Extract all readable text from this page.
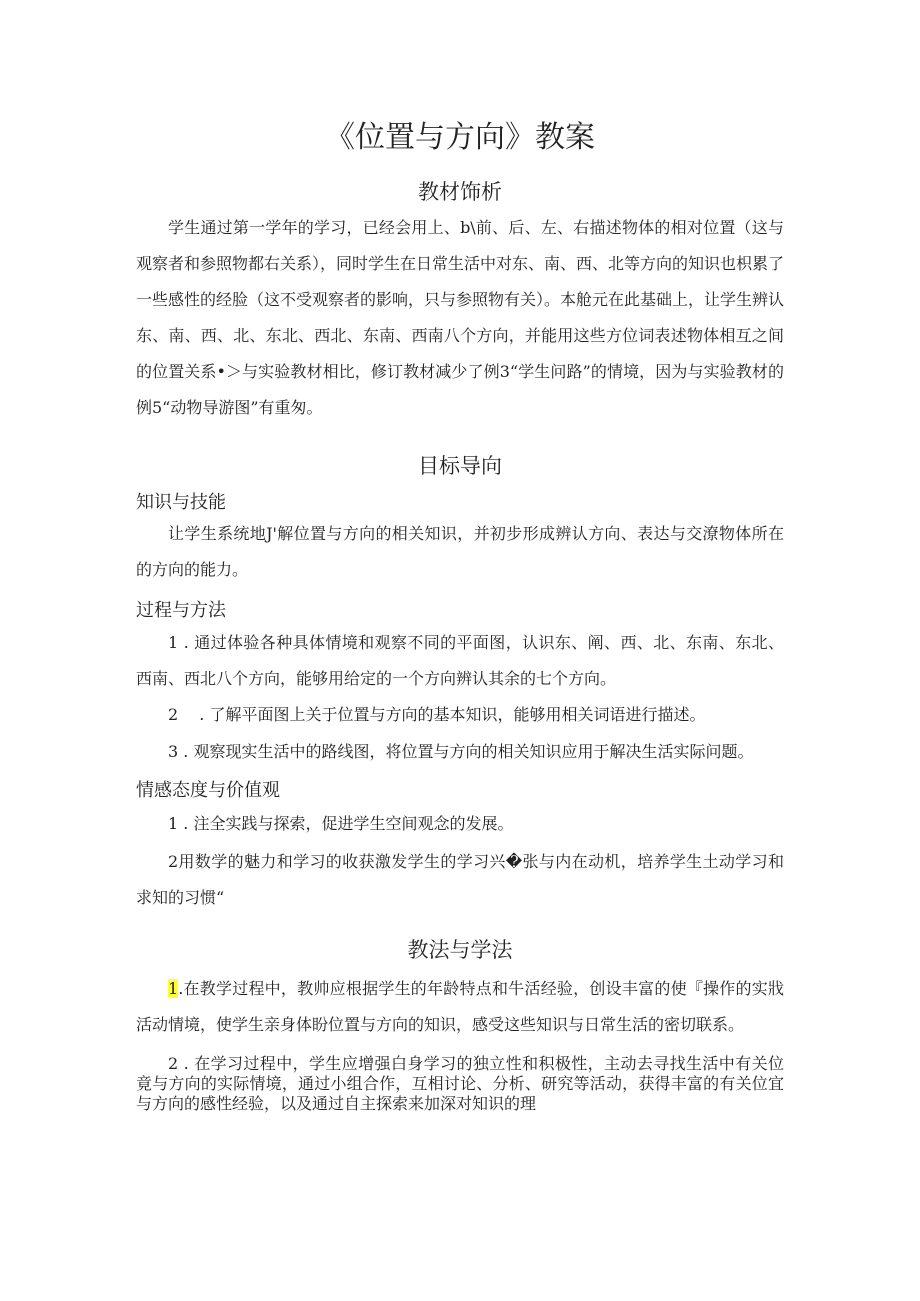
《位置与方向》教案
教材饰析
学生通过第一学年的学习，已经会用上、b\前、后、左、右描述物体的相对位置（这与观察者和参照物都右关系），同时学生在日常生活中对东、南、西、北等方向的知识也枳累了一些感性的经脸（这不受观察者的影响，只与参照物有关）。本舱元在此基础上，让学生辨认东、南、西、北、东北、西北、东南、西南八个方向，并能用这些方位词表述物体相互之间的位置关系•＞与实验教材相比，修订教材减少了例3“学生问路”的情境，因为与实验教材的例5“动物导游图”有重匆。
目标导向
知识与技能
让学生系统地J'解位置与方向的相关知识，并初步形成辨认方向、表达与交潦物体所在的方向的能力。
过程与方法
1 . 通过体验各种具体情境和观察不同的平面图，认识东、阐、西、北、东南、东北、西南、西北八个方向，能够用给定的一个方向辨认其余的七个方向。
2　 . 了解平面图上关于位置与方向的基本知识，能够用相关词语进行描述。
3 . 观察现实生活中的路线图，将位置与方向的相关知识应用于解决生活实际问题。
情感态度与价值观
1 . 注全实践与探索，促进学生空间观念的发展。
2用数学的魅力和学习的收获激发学生的学习兴�张与内在动机，培养学生土动学习和求知的习惯“
教法与学法
1.在教学过程中，教帅应根据学生的年龄特点和牛活经验，创设丰富的使『操作的实戕活动情境，使学生亲身体盼位置与方向的知识，感受这些知识与日常生活的密切联系。
2 . 在学习过程中，学生应增强白身学习的独立性和积极性，主动去寻找生活中有关位竟与方向的实际情境，通过小组合作，互相讨论、分析、研究等活动，获得丰富的有关位宜与方向的感性经验，以及通过自主探索来加深对知识的理
